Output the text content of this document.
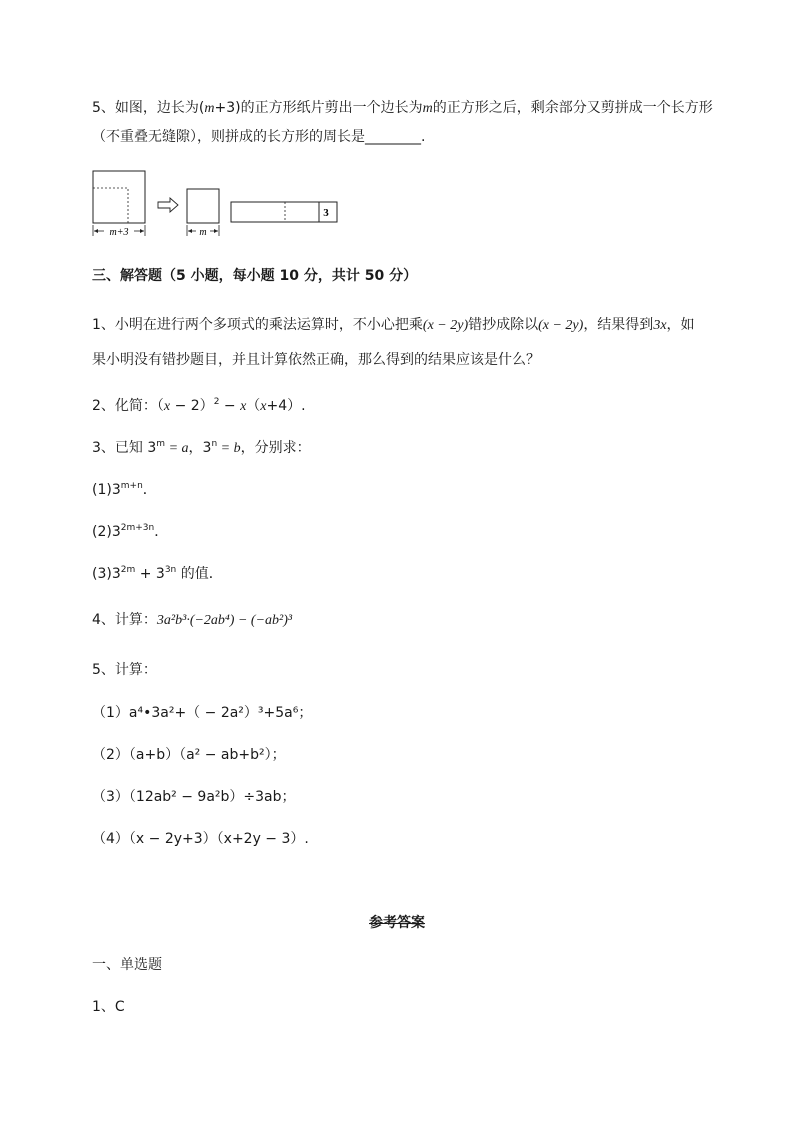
5、如图，边长为(m+3)的正方形纸片剪出一个边长为m的正方形之后，剩余部分又剪拼成一个长方形
（不重叠无缝隙），则拼成的长方形的周长是________.
m+3	m
3
三、解答题（5 小题，每小题 10 分，共计 50 分）
1、小明在进行两个多项式的乘法运算时，不小心把乘(x − 2y)错抄成除以(x − 2y)，结果得到3x，如
果小明没有错抄题目，并且计算依然正确，那么得到的结果应该是什么？
2、化简：$(x - 2)^2 - x(x+4)$.
3、已知 $3^m = a$，$3^n = b$，分别求：
$(1)3^{m+n}$．
$(2)3^{2m+3n}$．
$(3)3^{2m} + 3^{3n}$ 的值．
4、计算：3a²b³·(−2ab⁴) − (−ab²)³
5、计算：
（1）a⁴•3a²+（ − 2a²）³+5a⁶；
（2）（a+b）（a² − ab+b²）；
（3）（12ab² − 9a²b）÷3ab；
（4）（x − 2y+3）（x+2y − 3）.
参考答案
一、单选题
1、C
